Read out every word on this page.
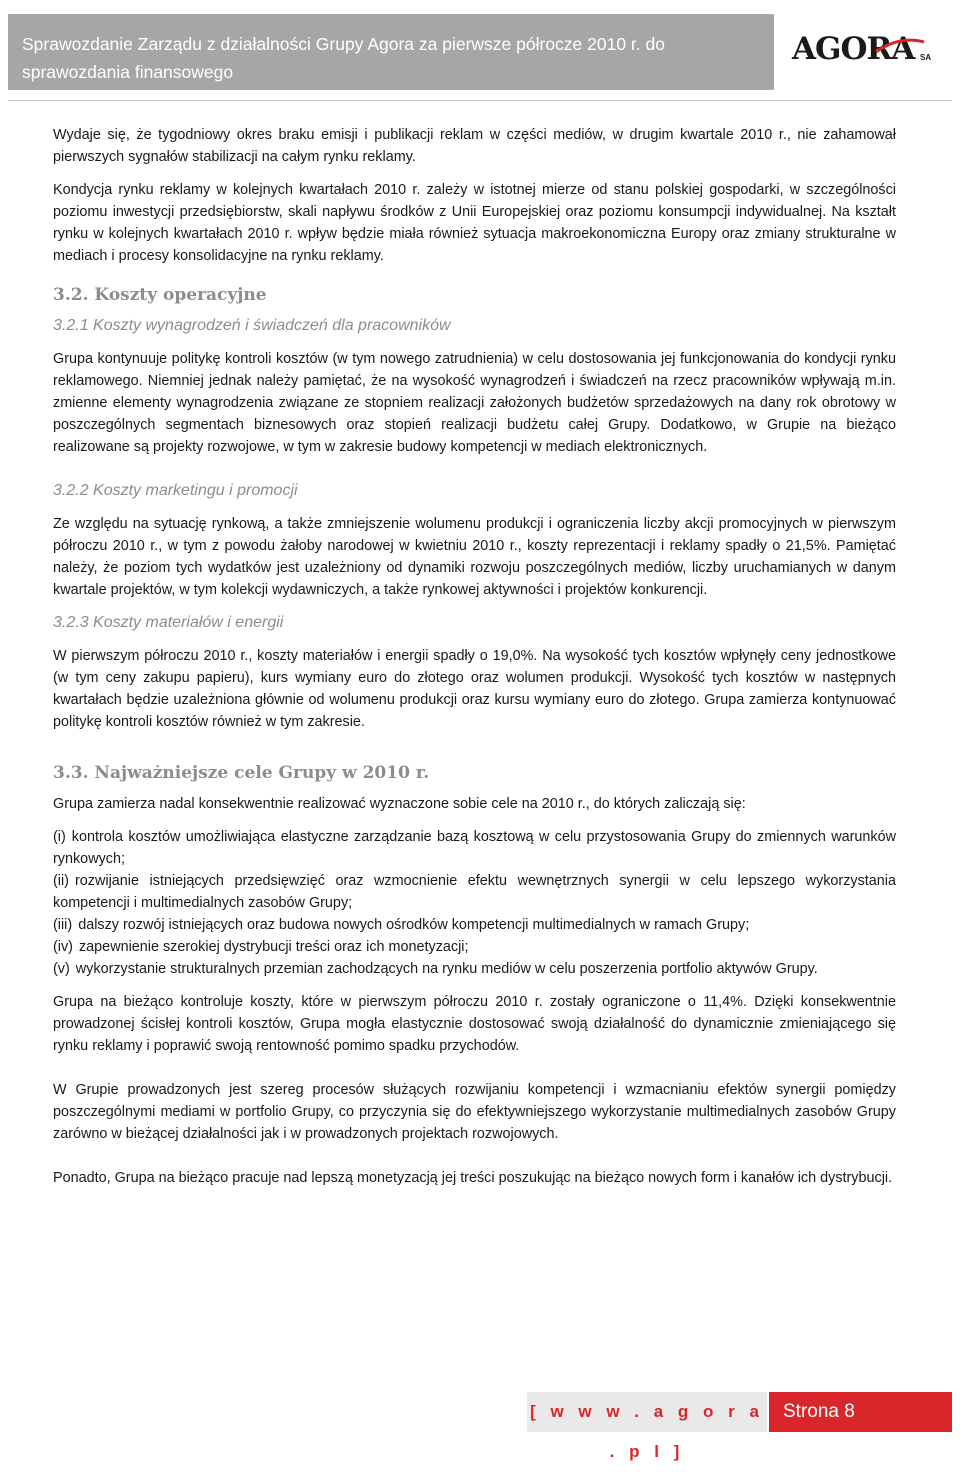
Sprawozdanie Zarządu z działalności Grupy Agora za pierwsze półrocze 2010 r. do sprawozdania finansowego
AGORA SA

Wydaje się, że tygodniowy okres braku emisji i publikacji reklam w części mediów, w drugim kwartale 2010 r., nie zahamował pierwszych sygnałów stabilizacji na całym rynku reklamy.

Kondycja rynku reklamy w kolejnych kwartałach 2010 r. zależy w istotnej mierze od stanu polskiej gospodarki, w szczególności poziomu inwestycji przedsiębiorstw, skali napływu środków z Unii Europejskiej oraz poziomu konsumpcji indywidualnej. Na kształt rynku w kolejnych kwartałach 2010 r. wpływ będzie miała również sytuacja makroekonomiczna Europy oraz zmiany strukturalne w mediach i procesy konsolidacyjne na rynku reklamy.

3.2. Koszty operacyjne
3.2.1 Koszty wynagrodzeń i świadczeń dla pracowników

Grupa kontynuuje politykę kontroli kosztów (w tym nowego zatrudnienia) w celu dostosowania jej funkcjonowania do kondycji rynku reklamowego. Niemniej jednak należy pamiętać, że na wysokość wynagrodzeń i świadczeń na rzecz pracowników wpływają m.in. zmienne elementy wynagrodzenia związane ze stopniem realizacji założonych budżetów sprzedażowych na dany rok obrotowy w poszczególnych segmentach biznesowych oraz stopień realizacji budżetu całej Grupy. Dodatkowo, w Grupie na bieżąco realizowane są projekty rozwojowe, w tym w zakresie budowy kompetencji w mediach elektronicznych.

3.2.2 Koszty marketingu i promocji

Ze względu na sytuację rynkową, a także zmniejszenie wolumenu produkcji i ograniczenia liczby akcji promocyjnych w pierwszym półroczu 2010 r., w tym z powodu żałoby narodowej w kwietniu 2010 r., koszty reprezentacji i reklamy spadły o 21,5%. Pamiętać należy, że poziom tych wydatków jest uzależniony od dynamiki rozwoju poszczególnych mediów, liczby uruchamianych w danym kwartale projektów, w tym kolekcji wydawniczych, a także rynkowej aktywności i projektów konkurencji.

3.2.3 Koszty materiałów i energii

W pierwszym półroczu 2010 r., koszty materiałów i energii spadły o 19,0%. Na wysokość tych kosztów wpłynęły ceny jednostkowe (w tym ceny zakupu papieru), kurs wymiany euro do złotego oraz wolumen produkcji. Wysokość tych kosztów w następnych kwartałach będzie uzależniona głównie od wolumenu produkcji oraz kursu wymiany euro do złotego. Grupa zamierza kontynuować politykę kontroli kosztów również w tym zakresie.

3.3. Najważniejsze cele Grupy w 2010 r.

Grupa zamierza nadal konsekwentnie realizować wyznaczone sobie cele na 2010 r., do których zaliczają się:

(i) kontrola kosztów umożliwiająca elastyczne zarządzanie bazą kosztową w celu przystosowania Grupy do zmiennych warunków rynkowych;
(ii) rozwijanie istniejących przedsięwzięć oraz wzmocnienie efektu wewnętrznych synergii w celu lepszego wykorzystania kompetencji i multimedialnych zasobów Grupy;
(iii) dalszy rozwój istniejących oraz budowa nowych ośrodków kompetencji multimedialnych w ramach Grupy;
(iv) zapewnienie szerokiej dystrybucji treści oraz ich monetyzacji;
(v) wykorzystanie strukturalnych przemian zachodzących na rynku mediów w celu poszerzenia portfolio aktywów Grupy.

Grupa na bieżąco kontroluje koszty, które w pierwszym półroczu 2010 r. zostały ograniczone o 11,4%. Dzięki konsekwentnie prowadzonej ścisłej kontroli kosztów, Grupa mogła elastycznie dostosować swoją działalność do dynamicznie zmieniającego się rynku reklamy i poprawić swoją rentowność pomimo spadku przychodów.

W Grupie prowadzonych jest szereg procesów służących rozwijaniu kompetencji i wzmacnianiu efektów synergii pomiędzy poszczególnymi mediami w portfolio Grupy, co przyczynia się do efektywniejszego wykorzystanie multimedialnych zasobów Grupy zarówno w bieżącej działalności jak i w prowadzonych projektach rozwojowych.

Ponadto, Grupa na bieżąco pracuje nad lepszą monetyzacją jej treści poszukując na bieżąco nowych form i kanałów ich dystrybucji.

[ w w w . a g o r a . p l ]
Strona 8
